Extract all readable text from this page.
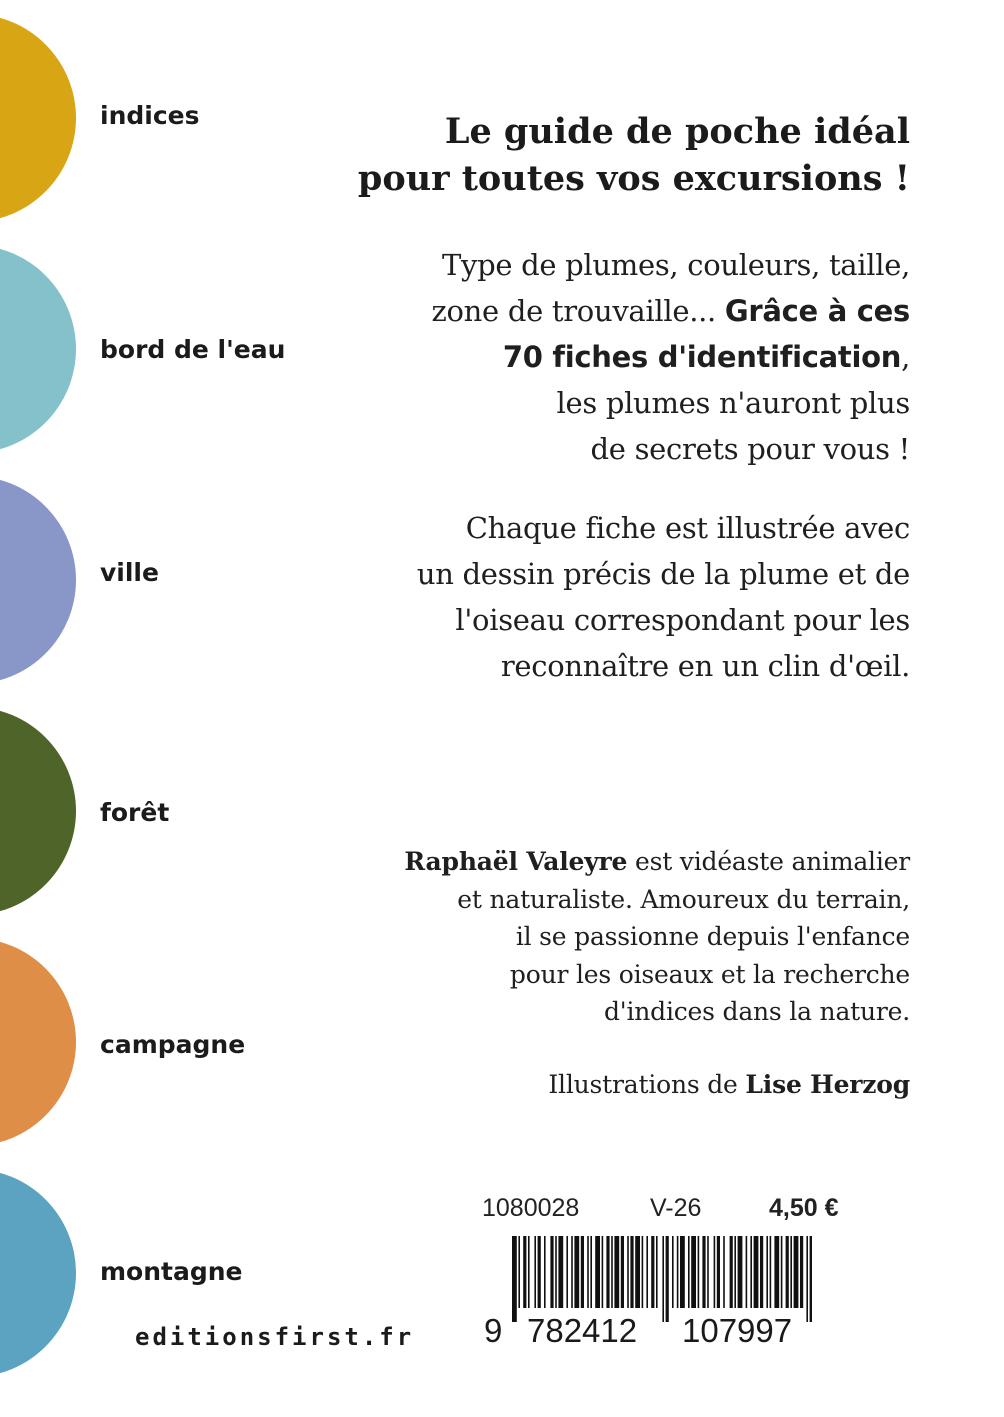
indices
bord de l'eau
ville
forêt
campagne
montagne
Le guide de poche idéal
pour toutes vos excursions !
Type de plumes, couleurs, taille,
zone de trouvaille... Grâce à ces
70 fiches d'identification,
les plumes n'auront plus
de secrets pour vous !
Chaque fiche est illustrée avec
un dessin précis de la plume et de
l'oiseau correspondant pour les
reconnaître en un clin d'œil.
Raphaël Valeyre est vidéaste animalier
et naturaliste. Amoureux du terrain,
il se passionne depuis l'enfance
pour les oiseaux et la recherche
d'indices dans la nature.
Illustrations de Lise Herzog
1080028	V-26	4,50 €
9 782412 107997
editionsfirst.fr
